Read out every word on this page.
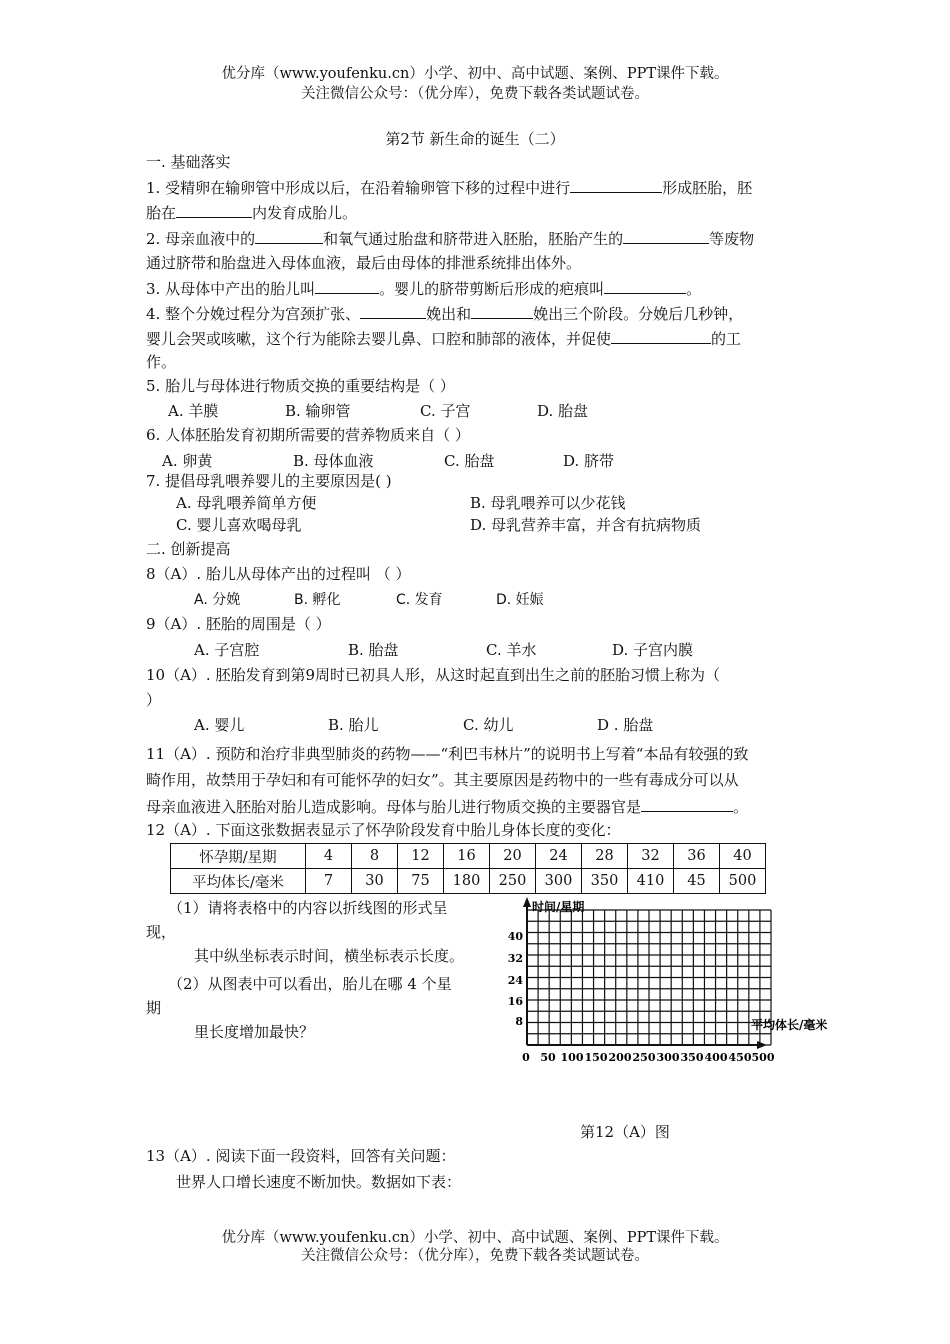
优分库（www.youfenku.cn）小学、初中、高中试题、案例、PPT课件下载。
关注微信公众号：（优分库），免费下载各类试题试卷。
第2节 新生命的诞生（二）
一. 基础落实
1. 受精卵在输卵管中形成以后，在沿着输卵管下移的过程中进行	形成胚胎，胚
胎在	内发育成胎儿。
2. 母亲血液中的	和氧气通过胎盘和脐带进入胚胎，胚胎产生的	等废物
通过脐带和胎盘进入母体血液，最后由母体的排泄系统排出体外。
3. 从母体中产出的胎儿叫	。婴儿的脐带剪断后形成的疤痕叫	。
4. 整个分娩过程分为宫颈扩张、	娩出和	娩出三个阶段。分娩后几秒钟，
婴儿会哭或咳嗽，这个行为能除去婴儿鼻、口腔和肺部的液体，并促使	的工
作。
5. 胎儿与母体进行物质交换的重要结构是（ ）
A. 羊膜	B. 输卵管	C. 子宫	D. 胎盘
6. 人体胚胎发育初期所需要的营养物质来自（ ）
A. 卵黄	B. 母体血液	C. 胎盘	D. 脐带
7. 提倡母乳喂养婴儿的主要原因是( )
A. 母乳喂养简单方便	B. 母乳喂养可以少花钱
C. 婴儿喜欢喝母乳	D. 母乳营养丰富，并含有抗病物质
二. 创新提高
8（A）. 胎儿从母体产出的过程叫 （ ）
A. 分娩	B. 孵化	C. 发育	D. 妊娠
9（A）. 胚胎的周围是（ ）
A. 子宫腔	B. 胎盘	C. 羊水	D. 子宫内膜
10（A）. 胚胎发育到第9周时已初具人形，从这时起直到出生之前的胚胎习惯上称为（
）
A. 婴儿	B. 胎儿	C. 幼儿	D . 胎盘
11（A）. 预防和治疗非典型肺炎的药物——“利巴韦林片”的说明书上写着“本品有较强的致
畸作用，故禁用于孕妇和有可能怀孕的妇女”。其主要原因是药物中的一些有毒成分可以从
母亲血液进入胚胎对胎儿造成影响。母体与胎儿进行物质交换的主要器官是	。
12（A）. 下面这张数据表显示了怀孕阶段发育中胎儿身体长度的变化：
怀孕期/星期	4	8	12	16	20	24	28	32	36	40
平均体长/毫米	7	30	75	180	250	300	350	410	45	500
（1）请将表格中的内容以折线图的形式呈
现，
其中纵坐标表示时间，横坐标表示长度。
（2）从图表中可以看出，胎儿在哪 4 个星
期
里长度增加最快？
时间/星期
平均体长/毫米
40
32
24
16
8
0 50 100 150 200 250 300 350 400 450 500
第12（A）图
13（A）. 阅读下面一段资料，回答有关问题：
世界人口增长速度不断加快。数据如下表：
优分库（www.youfenku.cn）小学、初中、高中试题、案例、PPT课件下载。
关注微信公众号：（优分库），免费下载各类试题试卷。
